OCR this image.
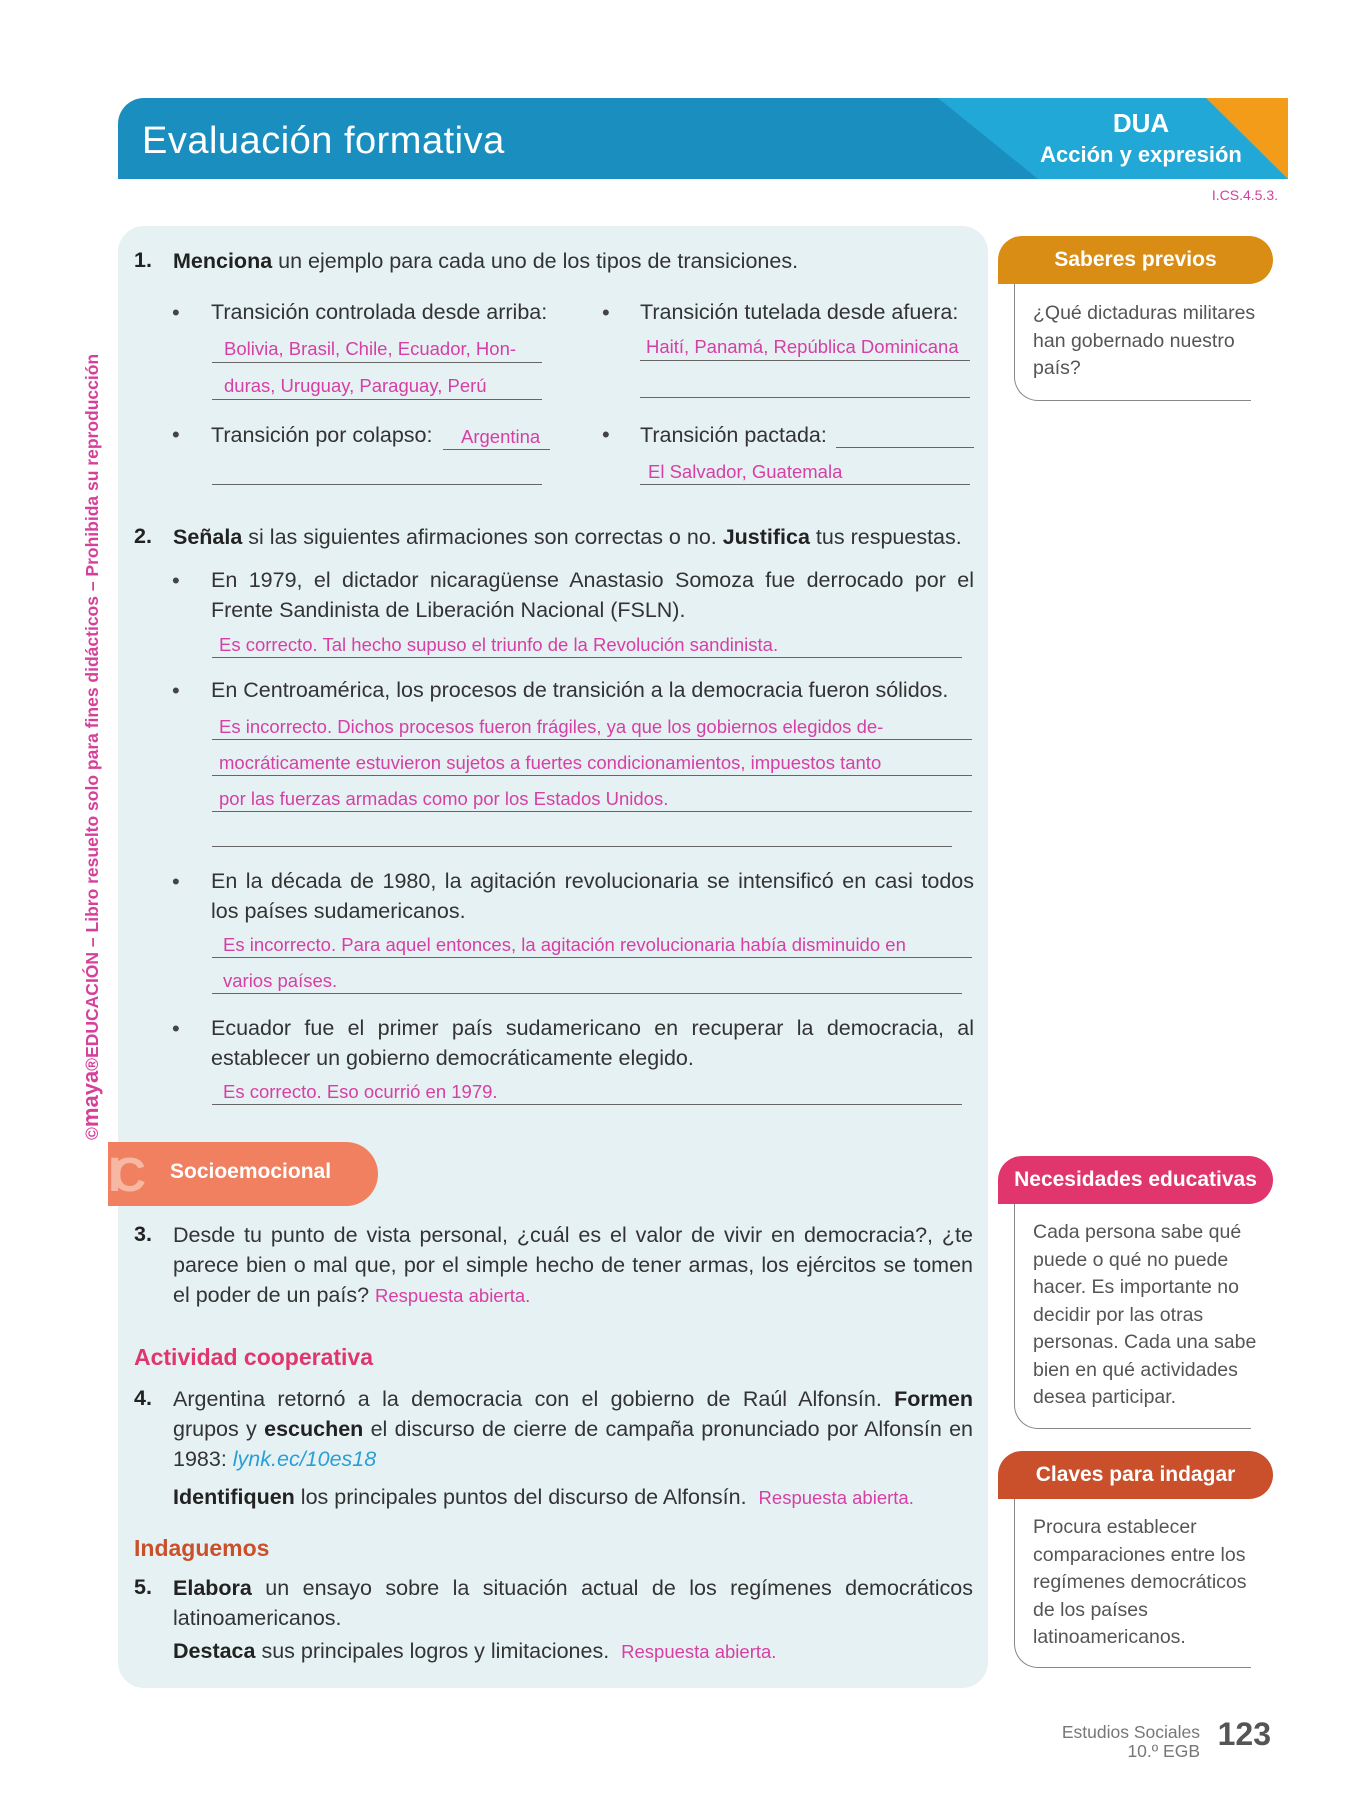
Evaluación formativa	DUA
Acción y expresión
I.CS.4.5.3.
©maya®EDUCACIÓN – Libro resuelto solo para fines didácticos – Prohibida su reproducción
1. Menciona un ejemplo para cada uno de los tipos de transiciones.
• Transición controlada desde arriba:
Bolivia, Brasil, Chile, Ecuador, Hon-
duras, Uruguay, Paraguay, Perú
• Transición tutelada desde afuera:
Haití, Panamá, República Dominicana
• Transición por colapso: Argentina	• Transición pactada:
El Salvador, Guatemala
2. Señala si las siguientes afirmaciones son correctas o no. Justifica tus respuestas.
• En 1979, el dictador nicaragüense Anastasio Somoza fue derrocado por el Frente Sandinista de Liberación Nacional (FSLN).
Es correcto. Tal hecho supuso el triunfo de la Revolución sandinista.
• En Centroamérica, los procesos de transición a la democracia fueron sólidos.
Es incorrecto. Dichos procesos fueron frágiles, ya que los gobiernos elegidos de-
mocráticamente estuvieron sujetos a fuertes condicionamientos, impuestos tanto
por las fuerzas armadas como por los Estados Unidos.
• En la década de 1980, la agitación revolucionaria se intensificó en casi todos los países sudamericanos.
Es incorrecto. Para aquel entonces, la agitación revolucionaria había disminuido en
varios países.
• Ecuador fue el primer país sudamericano en recuperar la democracia, al establecer un gobierno democráticamente elegido.
Es correcto. Eso ocurrió en 1979.
IC Socioemocional
3. Desde tu punto de vista personal, ¿cuál es el valor de vivir en democracia?, ¿te parece bien o mal que, por el simple hecho de tener armas, los ejércitos se tomen el poder de un país? Respuesta abierta.
Actividad cooperativa
4. Argentina retornó a la democracia con el gobierno de Raúl Alfonsín. Formen grupos y escuchen el discurso de cierre de campaña pronunciado por Alfonsín en 1983: lynk.ec/10es18
Identifiquen los principales puntos del discurso de Alfonsín. Respuesta abierta.
Indaguemos
5. Elabora un ensayo sobre la situación actual de los regímenes democráticos latinoamericanos.
Destaca sus principales logros y limitaciones. Respuesta abierta.
Saberes previos
¿Qué dictaduras militares han gobernado nuestro país?
Necesidades educativas
Cada persona sabe qué puede o qué no puede hacer. Es importante no decidir por las otras personas. Cada una sabe bien en qué actividades desea participar.
Claves para indagar
Procura establecer comparaciones entre los regímenes democráticos de los países latinoamericanos.
Estudios Sociales
10.º EGB 123
